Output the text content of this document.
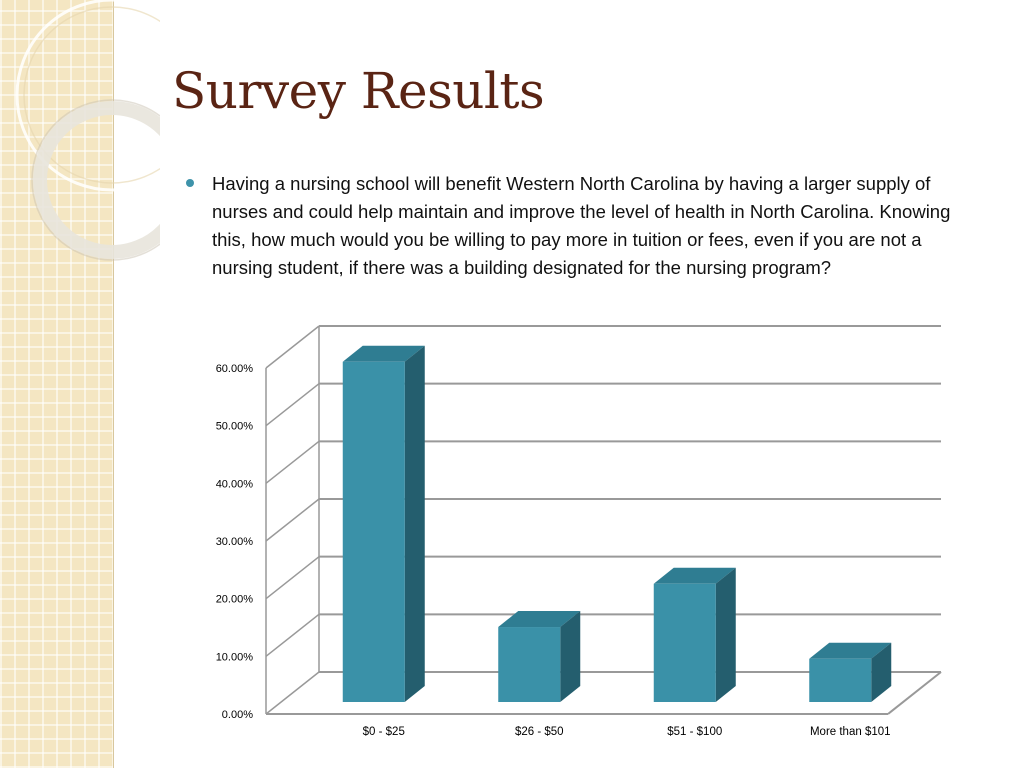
Survey Results

Having a nursing school will benefit Western North Carolina by having a larger supply of nurses and could help maintain and improve the level of health in North Carolina. Knowing this, how much would you be willing to pay more in tuition or fees, even if you are not a nursing student, if there was a building designated for the nursing program?

0.00%
10.00%
20.00%
30.00%
40.00%
50.00%
60.00%
$0 - $25	$26 - $50	$51 - $100	More than $101
